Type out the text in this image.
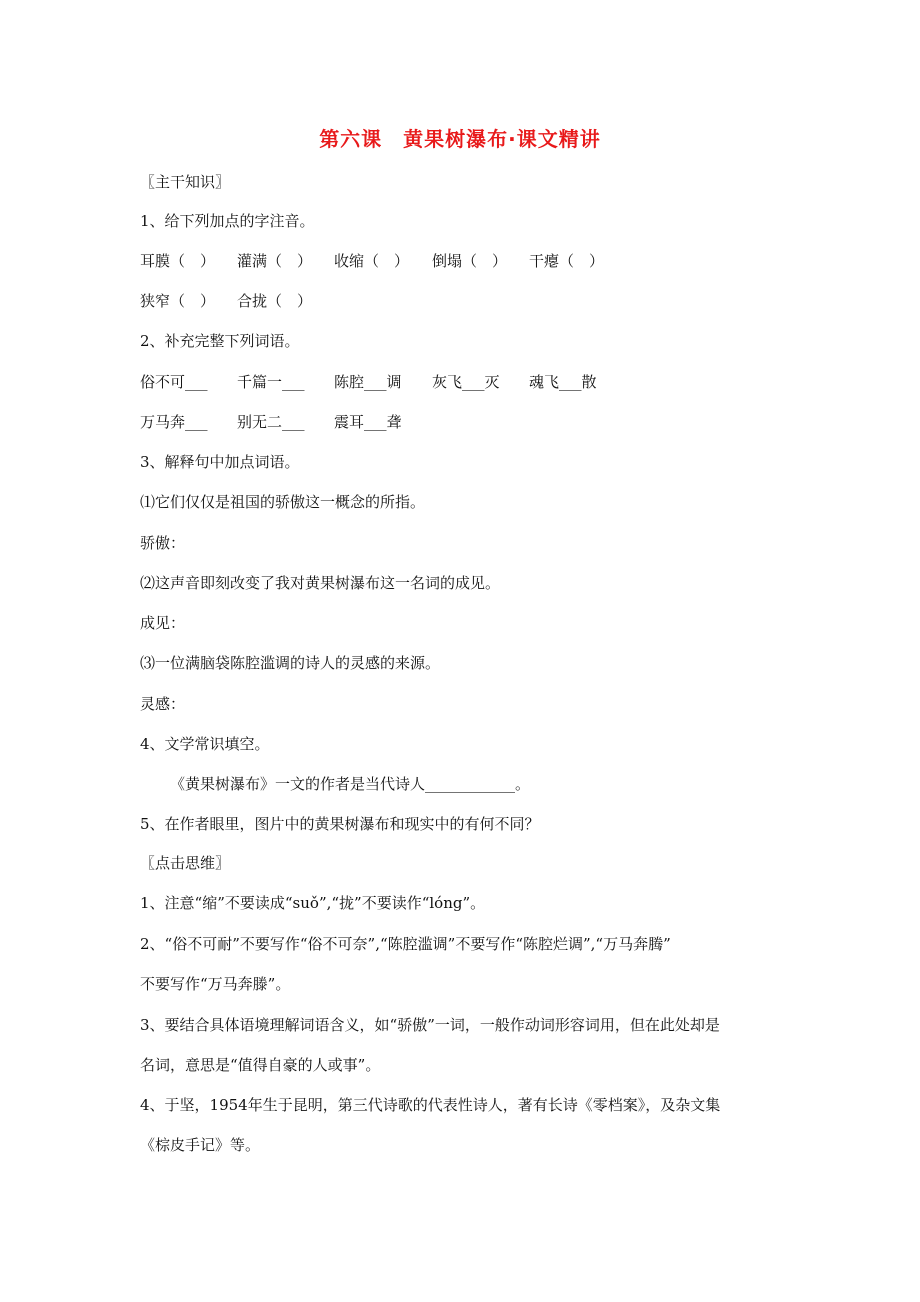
第六课　黄果树瀑布·课文精讲
〖主干知识〗
1、给下列加点的字注音。
耳膜（　） 灌满（　） 收缩（　） 倒塌（　） 干瘪（　）
狭窄（　） 合拢（　）
2、补充完整下列词语。
俗不可___ 千篇一___ 陈腔___调 灰飞___灭 魂飞___散
万马奔___ 别无二___ 震耳___聋
3、解释句中加点词语。
⑴它们仅仅是祖国的骄傲这一概念的所指。
骄傲：
⑵这声音即刻改变了我对黄果树瀑布这一名词的成见。
成见：
⑶一位满脑袋陈腔滥调的诗人的灵感的来源。
灵感：
4、文学常识填空。
《黄果树瀑布》一文的作者是当代诗人____________。
5、在作者眼里，图片中的黄果树瀑布和现实中的有何不同？
〖点击思维〗
1、注意“缩”不要读成“suǒ”,“拢”不要读作“lóng”。
2、“俗不可耐”不要写作“俗不可奈”,“陈腔滥调”不要写作“陈腔烂调”,“万马奔腾”
不要写作“万马奔滕”。
3、要结合具体语境理解词语含义，如“骄傲”一词，一般作动词形容词用，但在此处却是
名词，意思是“值得自豪的人或事”。
4、于坚，1954年生于昆明，第三代诗歌的代表性诗人，著有长诗《零档案》，及杂文集
《棕皮手记》等。
